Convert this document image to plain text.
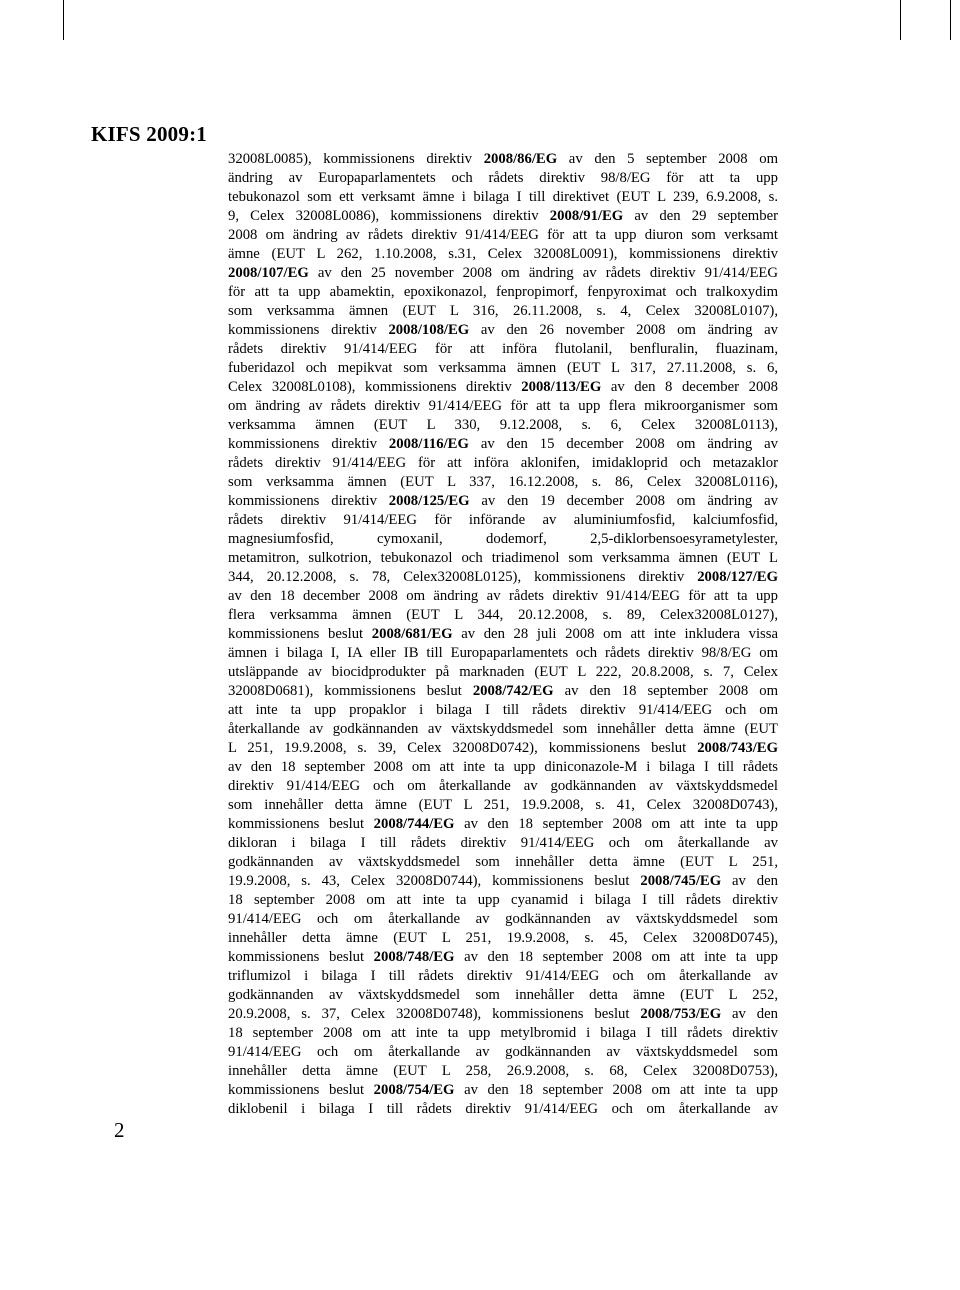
KIFS 2009:1
32008L0085), kommissionens direktiv 2008/86/EG av den 5 september 2008 om
ändring av Europaparlamentets och rådets direktiv 98/8/EG för att ta upp
tebukonazol som ett verksamt ämne i bilaga I till direktivet (EUT L 239, 6.9.2008, s.
9, Celex 32008L0086), kommissionens direktiv 2008/91/EG av den 29 september
2008 om ändring av rådets direktiv 91/414/EEG för att ta upp diuron som verksamt
ämne (EUT L 262, 1.10.2008, s.31, Celex 32008L0091), kommissionens direktiv
2008/107/EG av den 25 november 2008 om ändring av rådets direktiv 91/414/EEG
för att ta upp abamektin, epoxikonazol, fenpropimorf, fenpyroximat och tralkoxydim
som verksamma ämnen (EUT L 316, 26.11.2008, s. 4, Celex 32008L0107),
kommissionens direktiv 2008/108/EG av den 26 november 2008 om ändring av
rådets direktiv 91/414/EEG för att införa flutolanil, benfluralin, fluazinam,
fuberidazol och mepikvat som verksamma ämnen (EUT L 317, 27.11.2008, s. 6,
Celex 32008L0108), kommissionens direktiv 2008/113/EG av den 8 december 2008
om ändring av rådets direktiv 91/414/EEG för att ta upp flera mikroorganismer som
verksamma ämnen (EUT L 330, 9.12.2008, s. 6, Celex 32008L0113),
kommissionens direktiv 2008/116/EG av den 15 december 2008 om ändring av
rådets direktiv 91/414/EEG för att införa aklonifen, imidakloprid och metazaklor
som verksamma ämnen (EUT L 337, 16.12.2008, s. 86, Celex 32008L0116),
kommissionens direktiv 2008/125/EG av den 19 december 2008 om ändring av
rådets direktiv 91/414/EEG för införande av aluminiumfosfid, kalciumfosfid,
magnesiumfosfid, cymoxanil, dodemorf, 2,5-diklorbensoesyrametylester,
metamitron, sulkotrion, tebukonazol och triadimenol som verksamma ämnen (EUT L
344, 20.12.2008, s. 78, Celex32008L0125), kommissionens direktiv 2008/127/EG
av den 18 december 2008 om ändring av rådets direktiv 91/414/EEG för att ta upp
flera verksamma ämnen (EUT L 344, 20.12.2008, s. 89, Celex32008L0127),
kommissionens beslut 2008/681/EG av den 28 juli 2008 om att inte inkludera vissa
ämnen i bilaga I, IA eller IB till Europaparlamentets och rådets direktiv 98/8/EG om
utsläppande av biocidprodukter på marknaden (EUT L 222, 20.8.2008, s. 7, Celex
32008D0681), kommissionens beslut 2008/742/EG av den 18 september 2008 om
att inte ta upp propaklor i bilaga I till rådets direktiv 91/414/EEG och om
återkallande av godkännanden av växtskyddsmedel som innehåller detta ämne (EUT
L 251, 19.9.2008, s. 39, Celex 32008D0742), kommissionens beslut 2008/743/EG
av den 18 september 2008 om att inte ta upp diniconazole-M i bilaga I till rådets
direktiv 91/414/EEG och om återkallande av godkännanden av växtskyddsmedel
som innehåller detta ämne (EUT L 251, 19.9.2008, s. 41, Celex 32008D0743),
kommissionens beslut 2008/744/EG av den 18 september 2008 om att inte ta upp
dikloran i bilaga I till rådets direktiv 91/414/EEG och om återkallande av
godkännanden av växtskyddsmedel som innehåller detta ämne (EUT L 251,
19.9.2008, s. 43, Celex 32008D0744), kommissionens beslut 2008/745/EG av den
18 september 2008 om att inte ta upp cyanamid i bilaga I till rådets direktiv
91/414/EEG och om återkallande av godkännanden av växtskyddsmedel som
innehåller detta ämne (EUT L 251, 19.9.2008, s. 45, Celex 32008D0745),
kommissionens beslut 2008/748/EG av den 18 september 2008 om att inte ta upp
triflumizol i bilaga I till rådets direktiv 91/414/EEG och om återkallande av
godkännanden av växtskyddsmedel som innehåller detta ämne (EUT L 252,
20.9.2008, s. 37, Celex 32008D0748), kommissionens beslut 2008/753/EG av den
18 september 2008 om att inte ta upp metylbromid i bilaga I till rådets direktiv
91/414/EEG och om återkallande av godkännanden av växtskyddsmedel som
innehåller detta ämne (EUT L 258, 26.9.2008, s. 68, Celex 32008D0753),
kommissionens beslut 2008/754/EG av den 18 september 2008 om att inte ta upp
diklobenil i bilaga I till rådets direktiv 91/414/EEG och om återkallande av
2
